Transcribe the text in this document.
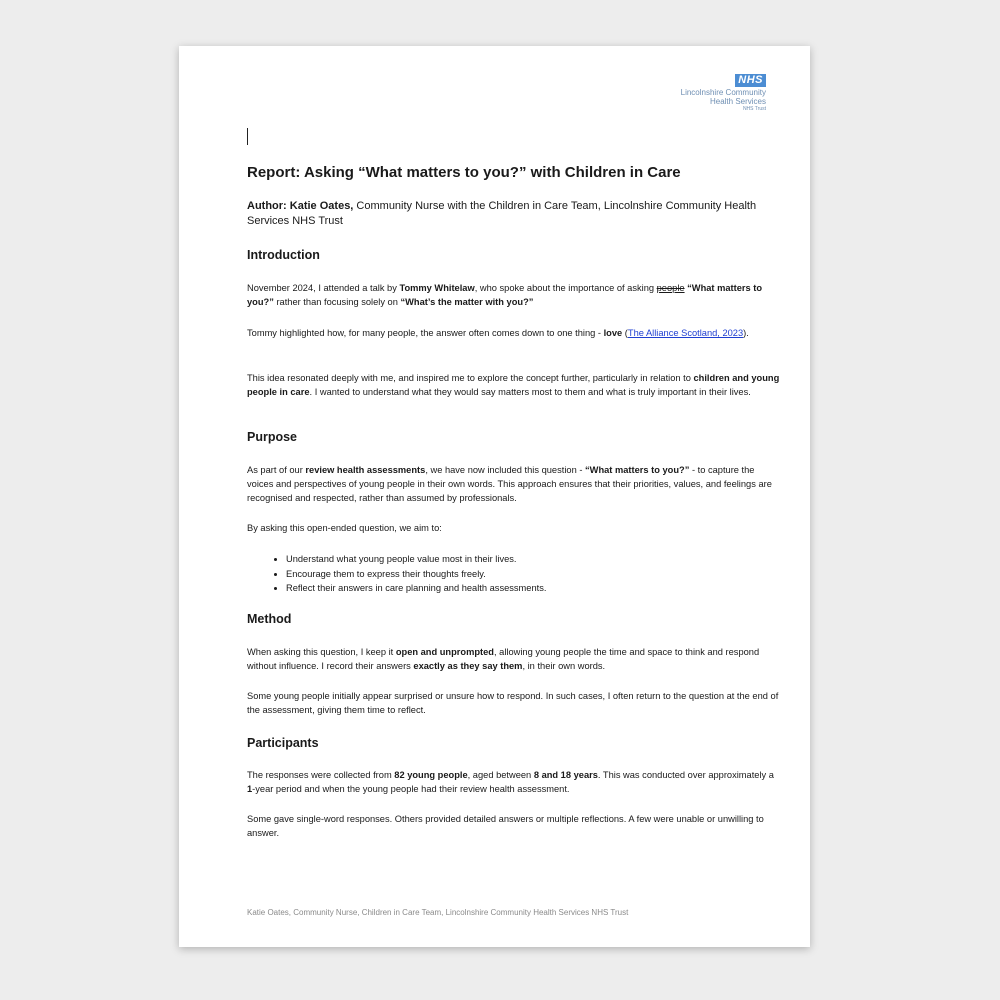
NHS
Lincolnshire Community
Health Services
NHS Trust
Report: Asking “What matters to you?” with Children in Care

Author: Katie Oates, Community Nurse with the Children in Care Team, Lincolnshire Community Health Services NHS Trust

Introduction

November 2024, I attended a talk by Tommy Whitelaw, who spoke about the importance of asking people “What matters to you?” rather than focusing solely on “What’s the matter with you?”

Tommy highlighted how, for many people, the answer often comes down to one thing - love (The Alliance Scotland, 2023).

This idea resonated deeply with me, and inspired me to explore the concept further, particularly in relation to children and young people in care. I wanted to understand what they would say matters most to them and what is truly important in their lives.

Purpose

As part of our review health assessments, we have now included this question - “What matters to you?” - to capture the voices and perspectives of young people in their own words. This approach ensures that their priorities, values, and feelings are recognised and respected, rather than assumed by professionals.

By asking this open-ended question, we aim to:

• Understand what young people value most in their lives.
• Encourage them to express their thoughts freely.
• Reflect their answers in care planning and health assessments.
Method

When asking this question, I keep it open and unprompted, allowing young people the time and space to think and respond without influence. I record their answers exactly as they say them, in their own words.

Some young people initially appear surprised or unsure how to respond. In such cases, I often return to the question at the end of the assessment, giving them time to reflect.

Participants

The responses were collected from 82 young people, aged between 8 and 18 years. This was conducted over approximately a 1-year period and when the young people had their review health assessment.

Some gave single-word responses. Others provided detailed answers or multiple reflections. A few were unable or unwilling to answer.

Katie Oates, Community Nurse, Children in Care Team, Lincolnshire Community Health Services NHS Trust
